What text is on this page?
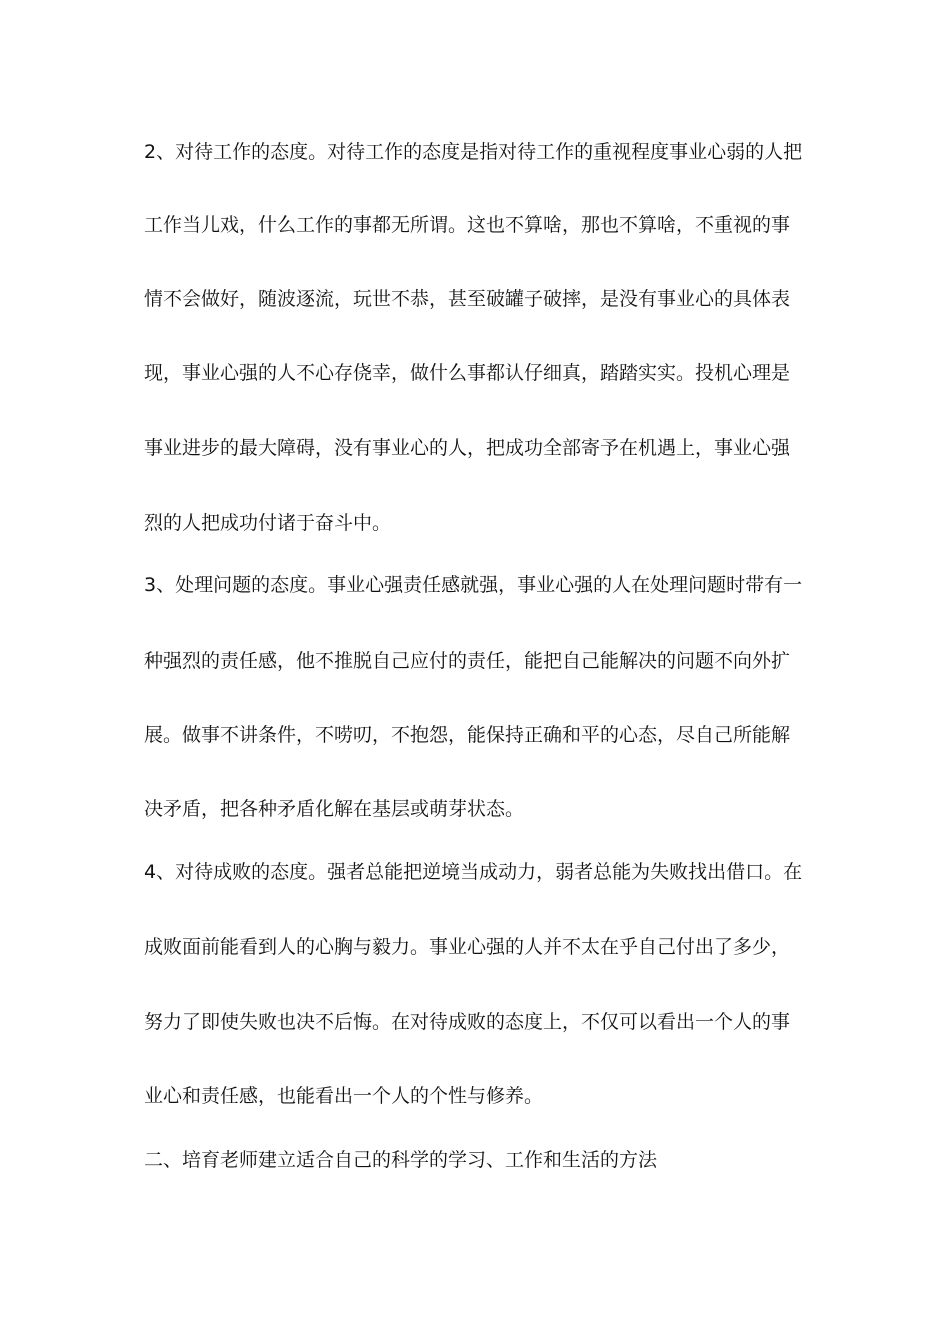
2、对待工作的态度。对待工作的态度是指对待工作的重视程度事业心弱的人把
工作当儿戏，什么工作的事都无所谓。这也不算啥，那也不算啥，不重视的事
情不会做好，随波逐流，玩世不恭，甚至破罐子破摔，是没有事业心的具体表
现，事业心强的人不心存侥幸，做什么事都认仔细真，踏踏实实。投机心理是
事业进步的最大障碍，没有事业心的人，把成功全部寄予在机遇上，事业心强
烈的人把成功付诸于奋斗中。
3、处理问题的态度。事业心强责任感就强，事业心强的人在处理问题时带有一
种强烈的责任感，他不推脱自己应付的责任，能把自己能解决的问题不向外扩
展。做事不讲条件，不唠叨，不抱怨，能保持正确和平的心态，尽自己所能解
决矛盾，把各种矛盾化解在基层或萌芽状态。
4、对待成败的态度。强者总能把逆境当成动力，弱者总能为失败找出借口。在
成败面前能看到人的心胸与毅力。事业心强的人并不太在乎自己付出了多少，
努力了即使失败也决不后悔。在对待成败的态度上，不仅可以看出一个人的事
业心和责任感，也能看出一个人的个性与修养。
二、培育老师建立适合自己的科学的学习、工作和生活的方法
